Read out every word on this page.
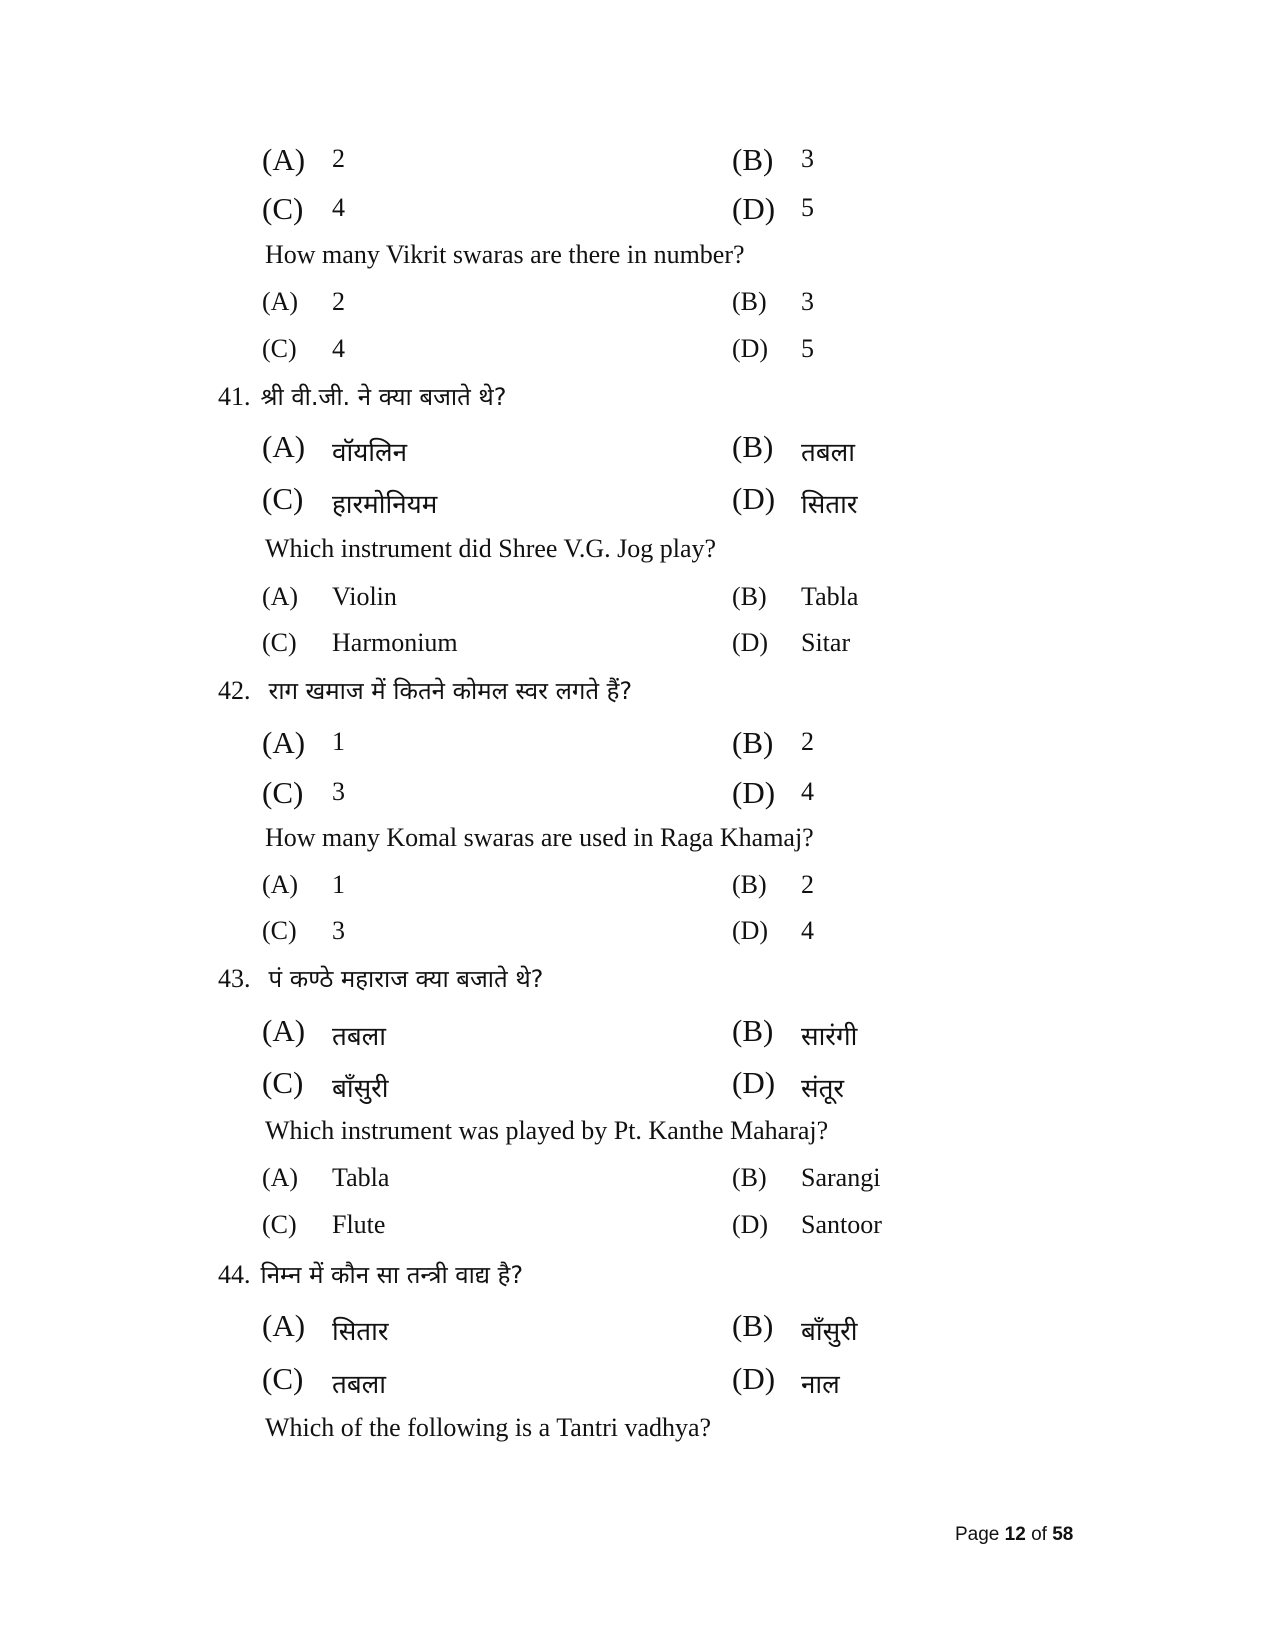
(A) 2	(B) 3
(C) 4	(D) 5
How many Vikrit swaras are there in number?
(A) 2	(B) 3
(C) 4	(D) 5
41. श्री वी.जी. ने क्या बजाते थे?
(A) वॉयलिन	(B) तबला
(C) हारमोनियम	(D) सितार
Which instrument did Shree V.G. Jog play?
(A) Violin	(B) Tabla
(C) Harmonium	(D) Sitar
42. राग खमाज में कितने कोमल स्वर लगते हैं?
(A) 1	(B) 2
(C) 3	(D) 4
How many Komal swaras are used in Raga Khamaj?
(A) 1	(B) 2
(C) 3	(D) 4
43. पं कण्ठे महाराज क्या बजाते थे?
(A) तबला	(B) सारंगी
(C) बाँसुरी	(D) संतूर
Which instrument was played by Pt. Kanthe Maharaj?
(A) Tabla	(B) Sarangi
(C) Flute	(D) Santoor
44. निम्न में कौन सा तन्त्री वाद्य है?
(A) सितार	(B) बाँसुरी
(C) तबला	(D) नाल
Which of the following is a Tantri vadhya?
Page 12 of 58
